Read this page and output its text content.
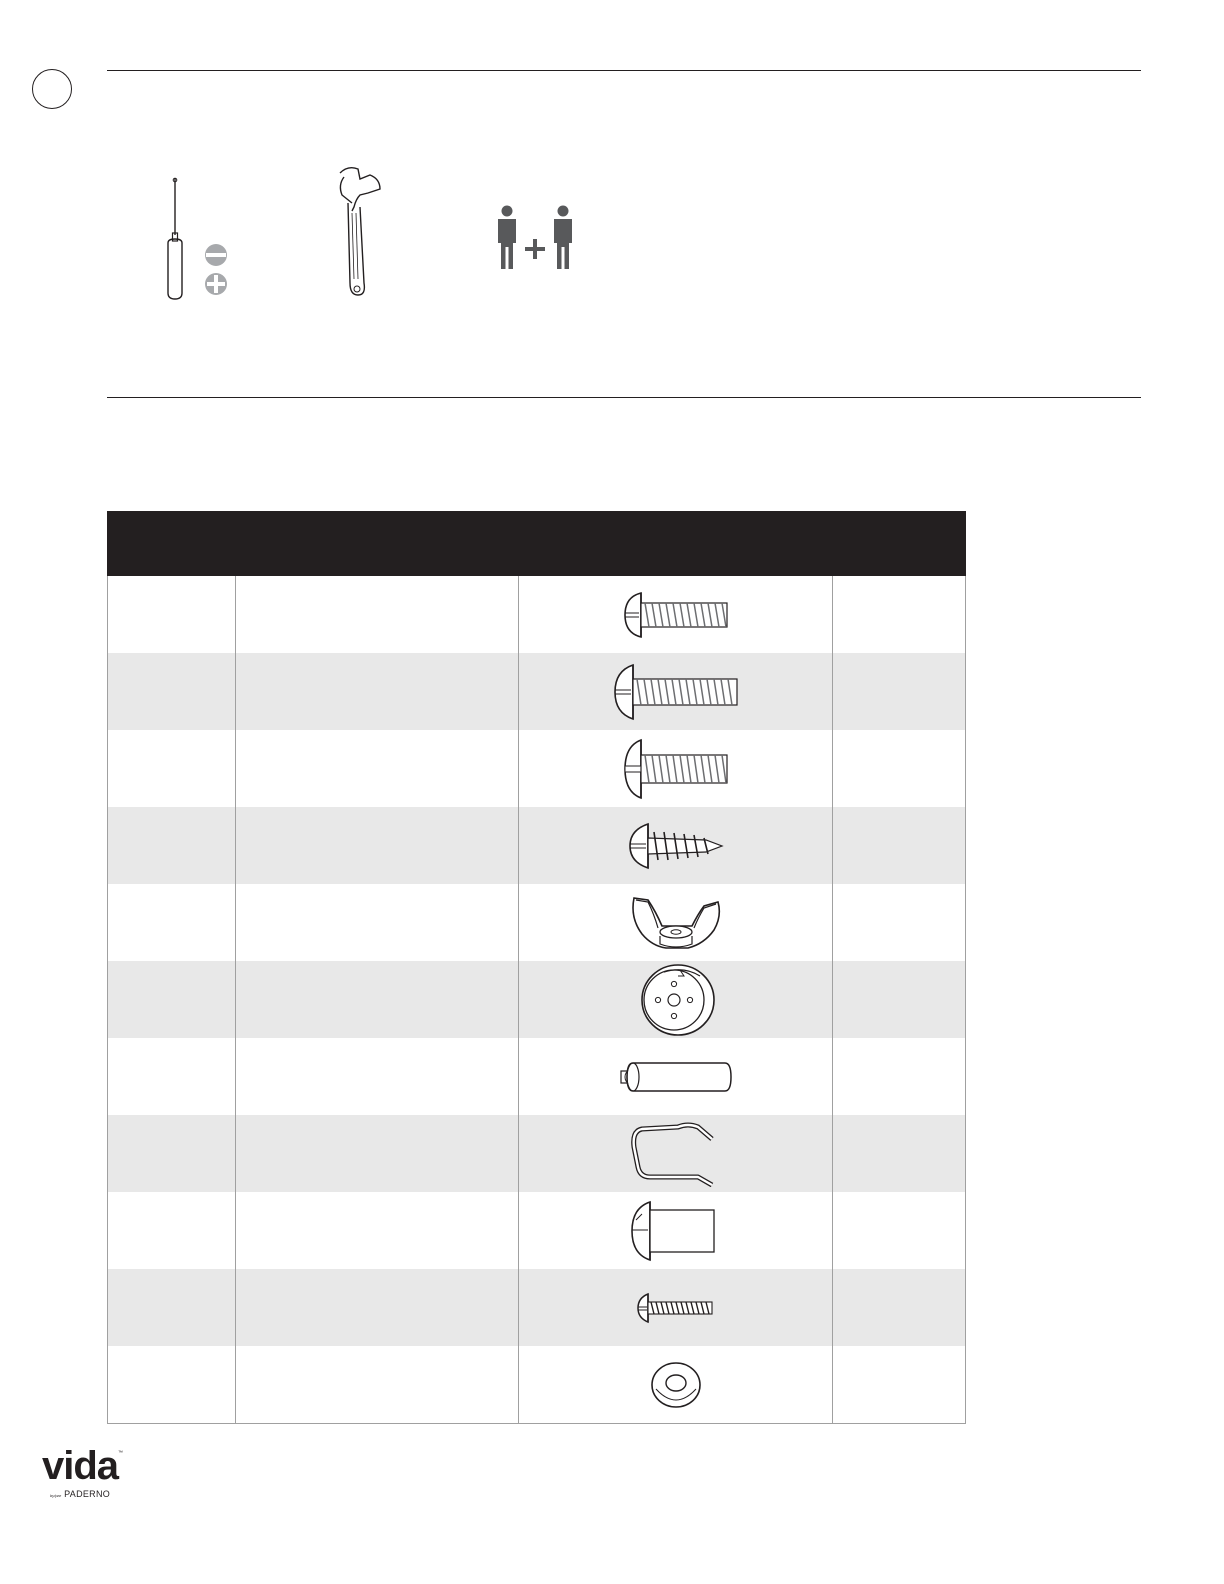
vida ™
by/par PADERNO
